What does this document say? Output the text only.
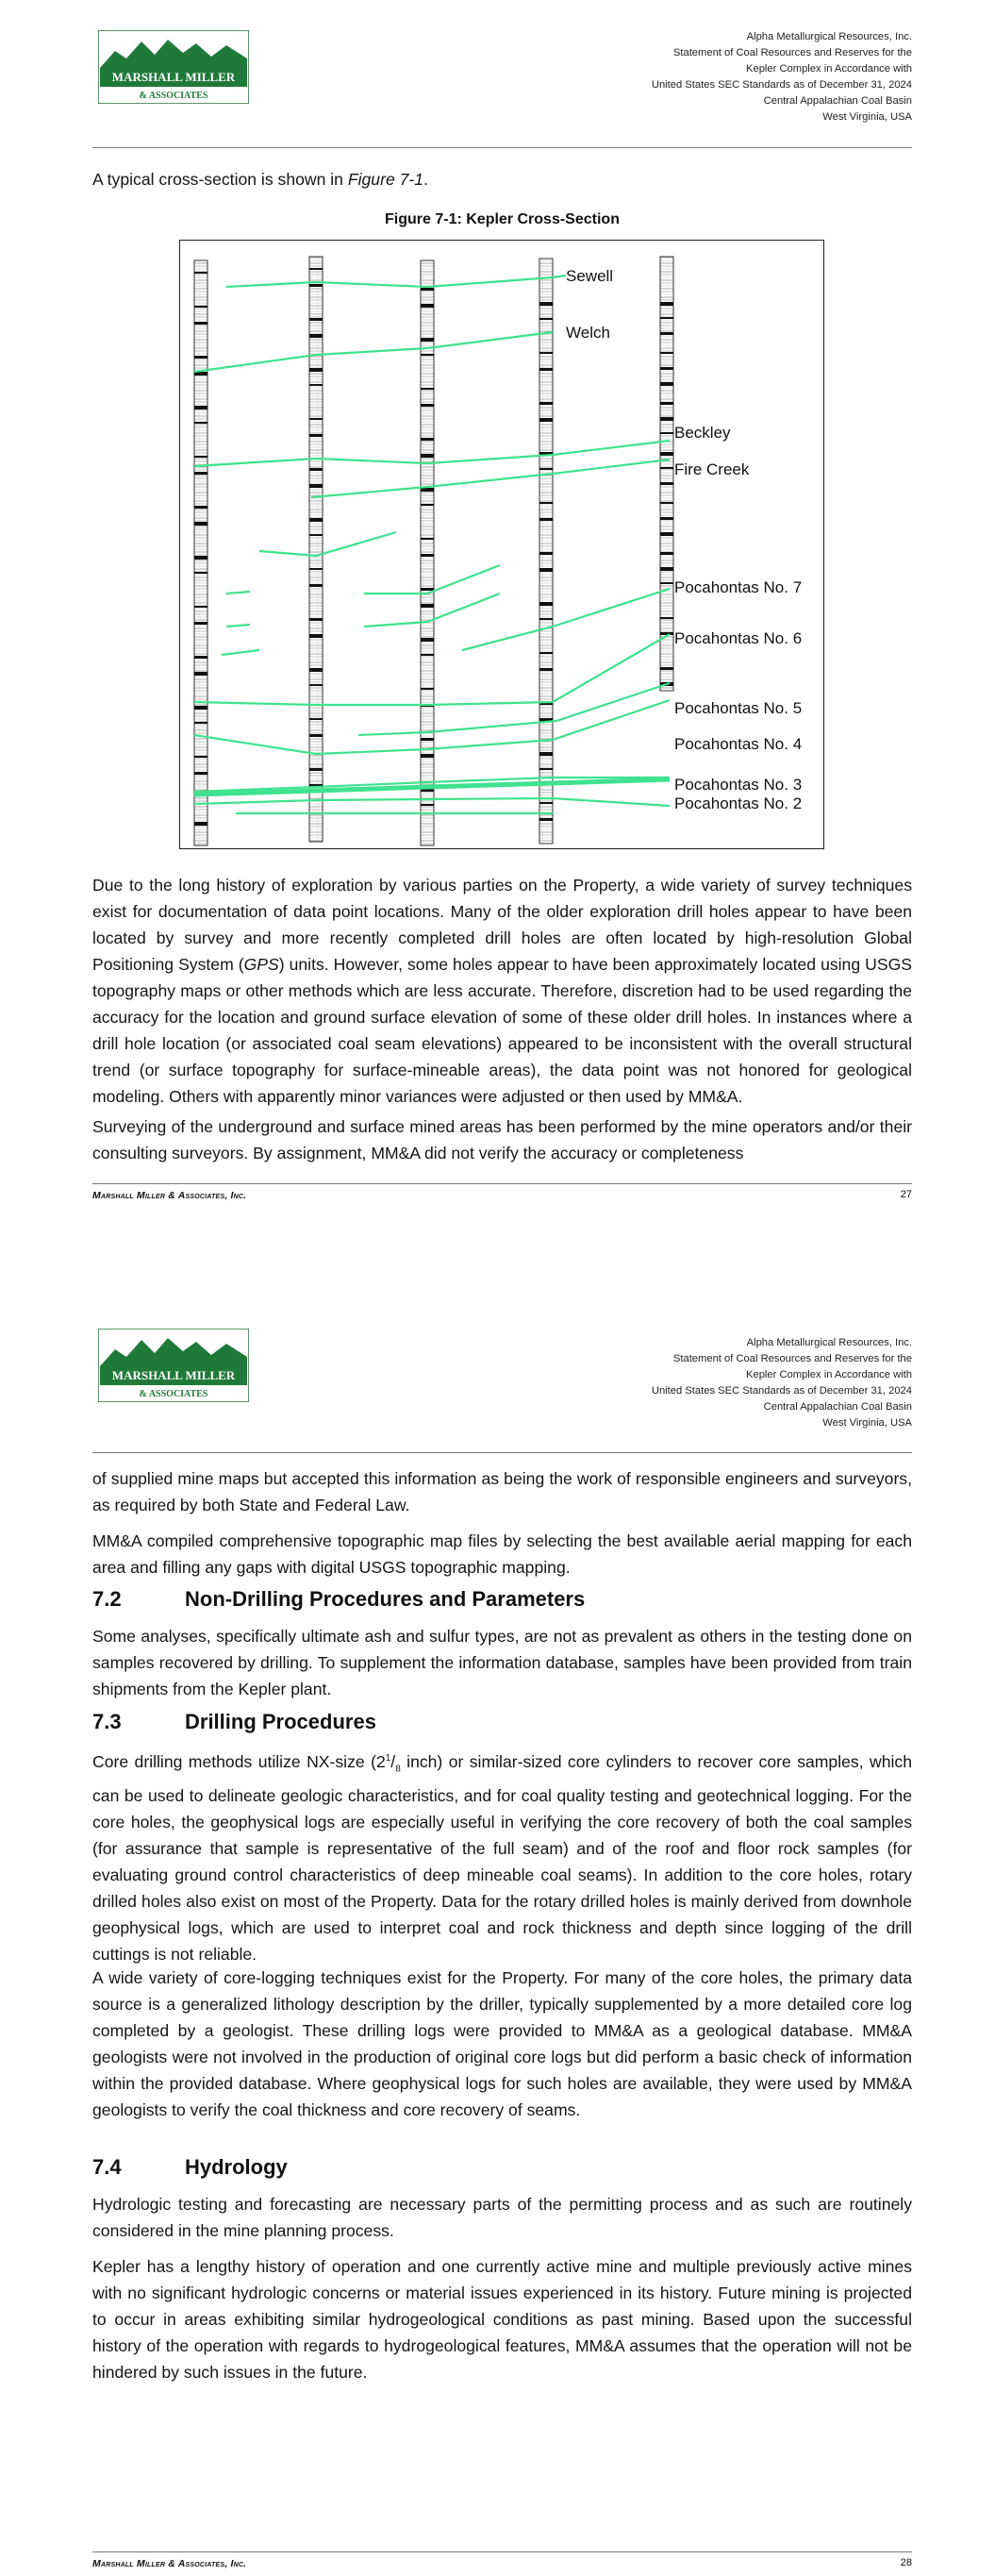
MARSHALL MILLER
& ASSOCIATES
Alpha Metallurgical Resources, Inc.
Statement of Coal Resources and Reserves for the
Kepler Complex in Accordance with
United States SEC Standards as of December 31, 2024
Central Appalachian Coal Basin
West Virginia, USA
A typical cross-section is shown in Figure 7-1.
Figure 7-1: Kepler Cross-Section
Sewell
Welch
Beckley
Fire Creek
Pocahontas No. 7
Pocahontas No. 6
Pocahontas No. 5
Pocahontas No. 4
Pocahontas No. 3
Pocahontas No. 2
Due to the long history of exploration by various parties on the Property, a wide variety of survey techniques exist for documentation of data point locations. Many of the older exploration drill holes appear to have been located by survey and more recently completed drill holes are often located by high-resolution Global Positioning System (GPS) units. However, some holes appear to have been approximately located using USGS topography maps or other methods which are less accurate. Therefore, discretion had to be used regarding the accuracy for the location and ground surface elevation of some of these older drill holes. In instances where a drill hole location (or associated coal seam elevations) appeared to be inconsistent with the overall structural trend (or surface topography for surface-mineable areas), the data point was not honored for geological modeling. Others with apparently minor variances were adjusted or then used by MM&A.
Surveying of the underground and surface mined areas has been performed by the mine operators and/or their consulting surveyors. By assignment, MM&A did not verify the accuracy or completeness
Marshall Miller & Associates, Inc.	27
MARSHALL MILLER
& ASSOCIATES
Alpha Metallurgical Resources, Inc.
Statement of Coal Resources and Reserves for the
Kepler Complex in Accordance with
United States SEC Standards as of December 31, 2024
Central Appalachian Coal Basin
West Virginia, USA
of supplied mine maps but accepted this information as being the work of responsible engineers and surveyors, as required by both State and Federal Law.
MM&A compiled comprehensive topographic map files by selecting the best available aerial mapping for each area and filling any gaps with digital USGS topographic mapping.
7.2	Non-Drilling Procedures and Parameters
Some analyses, specifically ultimate ash and sulfur types, are not as prevalent as others in the testing done on samples recovered by drilling. To supplement the information database, samples have been provided from train shipments from the Kepler plant.
7.3	Drilling Procedures
Core drilling methods utilize NX-size ($2^1/_8$ inch) or similar-sized core cylinders to recover core samples, which can be used to delineate geologic characteristics, and for coal quality testing and geotechnical logging. For the core holes, the geophysical logs are especially useful in verifying the core recovery of both the coal samples (for assurance that sample is representative of the full seam) and of the roof and floor rock samples (for evaluating ground control characteristics of deep mineable coal seams). In addition to the core holes, rotary drilled holes also exist on most of the Property. Data for the rotary drilled holes is mainly derived from downhole geophysical logs, which are used to interpret coal and rock thickness and depth since logging of the drill cuttings is not reliable.
A wide variety of core-logging techniques exist for the Property. For many of the core holes, the primary data source is a generalized lithology description by the driller, typically supplemented by a more detailed core log completed by a geologist. These drilling logs were provided to MM&A as a geological database. MM&A geologists were not involved in the production of original core logs but did perform a basic check of information within the provided database. Where geophysical logs for such holes are available, they were used by MM&A geologists to verify the coal thickness and core recovery of seams.
7.4	Hydrology
Hydrologic testing and forecasting are necessary parts of the permitting process and as such are routinely considered in the mine planning process.
Kepler has a lengthy history of operation and one currently active mine and multiple previously active mines with no significant hydrologic concerns or material issues experienced in its history. Future mining is projected to occur in areas exhibiting similar hydrogeological conditions as past mining. Based upon the successful history of the operation with regards to hydrogeological features, MM&A assumes that the operation will not be hindered by such issues in the future.
Marshall Miller & Associates, Inc.	28
